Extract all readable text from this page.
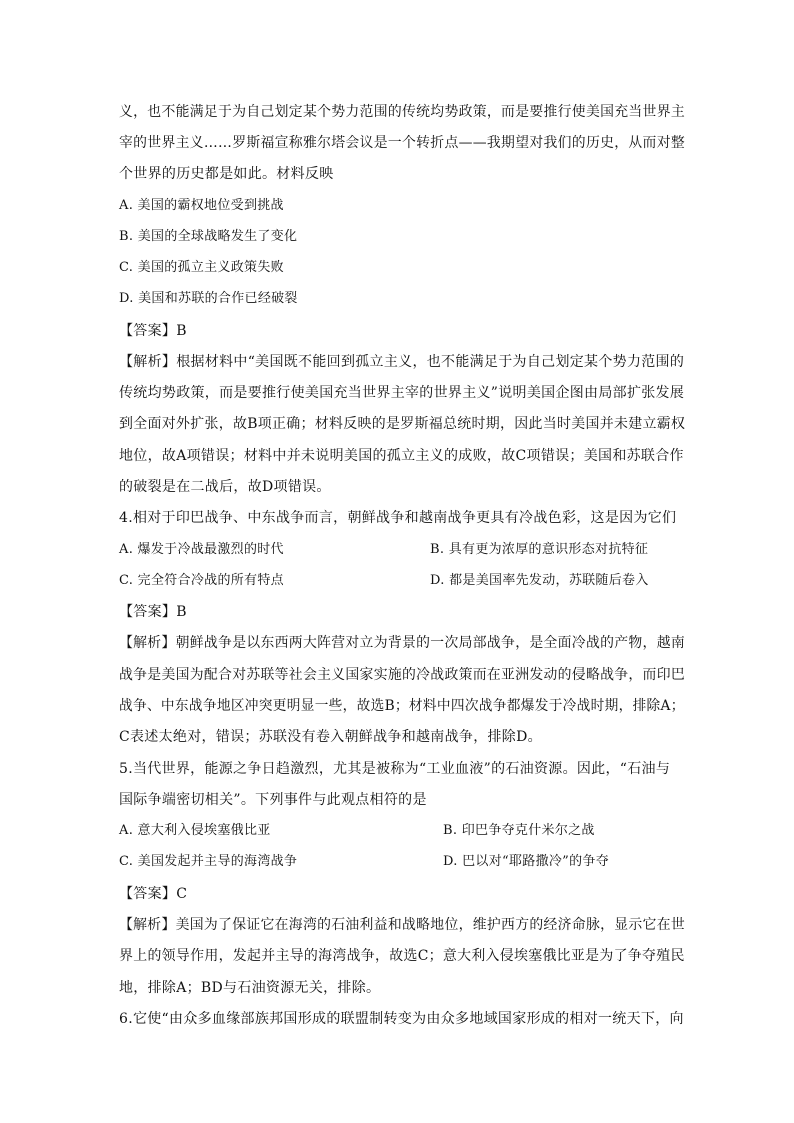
义，也不能满足于为自己划定某个势力范围的传统均势政策，而是要推行使美国充当世界主
宰的世界主义……罗斯福宣称雅尔塔会议是一个转折点——我期望对我们的历史，从而对整
个世界的历史都是如此。材料反映
A. 美国的霸权地位受到挑战
B. 美国的全球战略发生了变化
C. 美国的孤立主义政策失败
D. 美国和苏联的合作已经破裂
【答案】B
【解析】根据材料中“美国既不能回到孤立主义，也不能满足于为自己划定某个势力范围的
传统均势政策，而是要推行使美国充当世界主宰的世界主义”说明美国企图由局部扩张发展
到全面对外扩张，故B项正确；材料反映的是罗斯福总统时期，因此当时美国并未建立霸权
地位，故A项错误；材料中并未说明美国的孤立主义的成败，故C项错误；美国和苏联合作
的破裂是在二战后，故D项错误。
4.相对于印巴战争、中东战争而言，朝鲜战争和越南战争更具有冷战色彩，这是因为它们
A. 爆发于冷战最激烈的时代	B. 具有更为浓厚的意识形态对抗特征
C. 完全符合冷战的所有特点	D. 都是美国率先发动，苏联随后卷入
【答案】B
【解析】朝鲜战争是以东西两大阵营对立为背景的一次局部战争，是全面冷战的产物，越南
战争是美国为配合对苏联等社会主义国家实施的冷战政策而在亚洲发动的侵略战争，而印巴
战争、中东战争地区冲突更明显一些，故选B；材料中四次战争都爆发于冷战时期，排除A；
C表述太绝对，错误；苏联没有卷入朝鲜战争和越南战争，排除D。
5.当代世界，能源之争日趋激烈，尤其是被称为“工业血液”的石油资源。因此，“石油与
国际争端密切相关”。下列事件与此观点相符的是
A. 意大利入侵埃塞俄比亚	B. 印巴争夺克什米尔之战
C. 美国发起并主导的海湾战争	D. 巴以对“耶路撒冷”的争夺
【答案】C
【解析】美国为了保证它在海湾的石油利益和战略地位，维护西方的经济命脉，显示它在世
界上的领导作用，发起并主导的海湾战争，故选C；意大利入侵埃塞俄比亚是为了争夺殖民
地，排除A；BD与石油资源无关，排除。
6.它使“由众多血缘部族邦国形成的联盟制转变为由众多地域国家形成的相对一统天下，向
